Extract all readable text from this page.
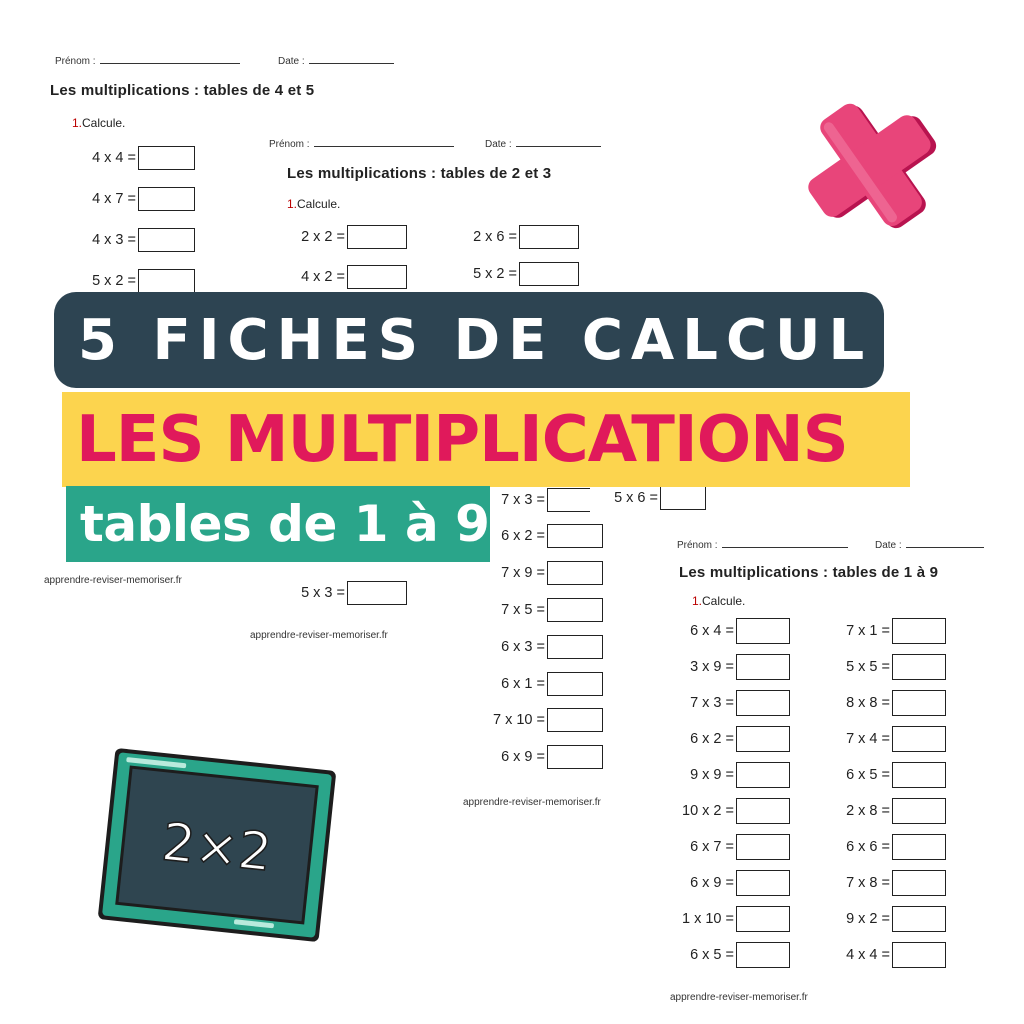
Prénom :	Date :
Les multiplications : tables de 4 et 5
1.Calcule.
4 x 4 =
4 x 7 =
4 x 3 =
5 x 2 =
apprendre-reviser-memoriser.fr
Prénom :	Date :
Les multiplications : tables de 2 et 3
1.Calcule.
2 x 2 =
4 x 2 =
5 x 3 =
2 x 6 =
5 x 2 =
7 x 3 =
6 x 2 =
7 x 9 =
7 x 5 =
6 x 3 =
6 x 1 =
7 x 10 =
6 x 9 =
apprendre-reviser-memoriser.fr
apprendre-reviser-memoriser.fr
5 x 6 =
Prénom :	Date :
Les multiplications : tables de 1 à 9
1.Calcule.
6 x 4 =
3 x 9 =
7 x 3 =
6 x 2 =
9 x 9 =
10 x 2 =
6 x 7 =
6 x 9 =
1 x 10 =
6 x 5 =
7 x 1 =
5 x 5 =
8 x 8 =
7 x 4 =
6 x 5 =
2 x 8 =
6 x 6 =
7 x 8 =
9 x 2 =
4 x 4 =
apprendre-reviser-memoriser.fr
5 FICHES DE CALCUL
LES MULTIPLICATIONS
tables de 1 à 9
2×2
